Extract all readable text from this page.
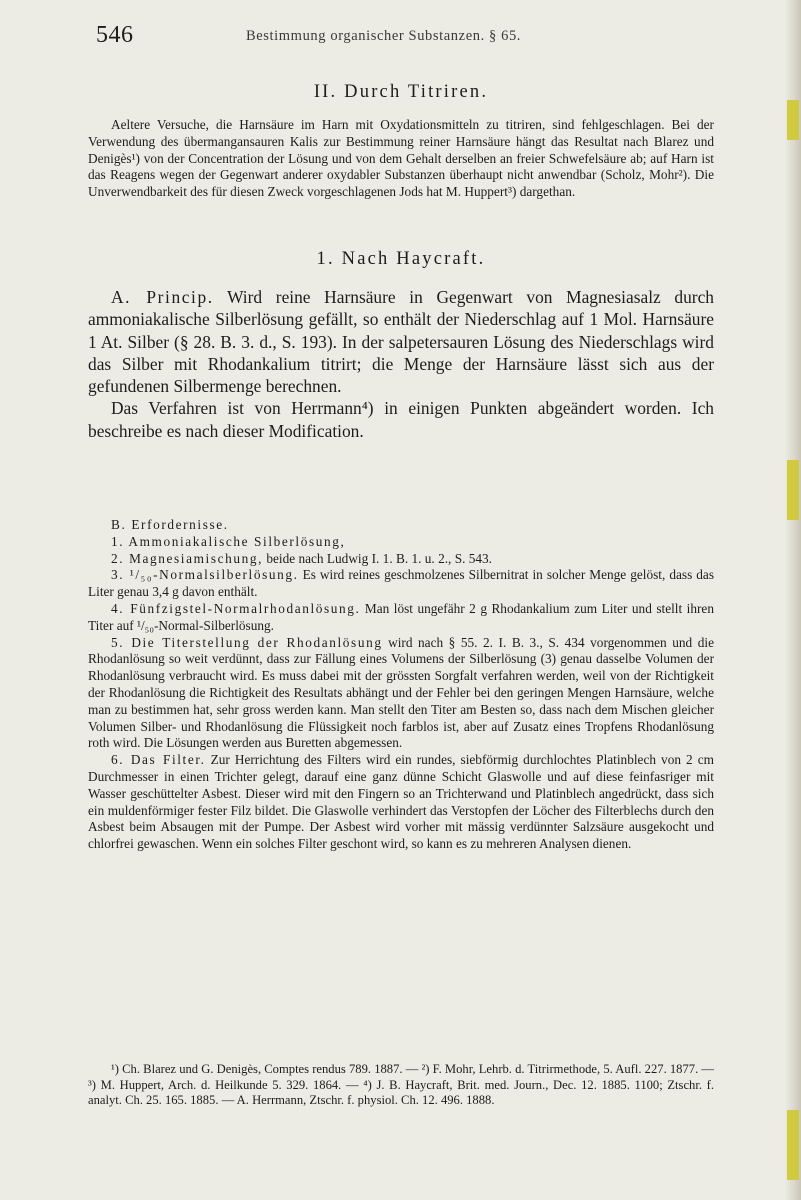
546	Bestimmung organischer Substanzen. § 65.
II. Durch Titriren.

Aeltere Versuche, die Harnsäure im Harn mit Oxydationsmitteln zu titriren, sind fehlgeschlagen. Bei der Verwendung des übermangansauren Kalis zur Bestimmung reiner Harnsäure hängt das Resultat nach Blarez und Denigès¹) von der Concentration der Lösung und von dem Gehalt derselben an freier Schwefelsäure ab; auf Harn ist das Reagens wegen der Gegenwart anderer oxydabler Substanzen überhaupt nicht anwendbar (Scholz, Mohr²). Die Unverwendbarkeit des für diesen Zweck vorgeschlagenen Jods hat M. Huppert³) dargethan.

1. Nach Haycraft.

A. Princip. Wird reine Harnsäure in Gegenwart von Magnesiasalz durch ammoniakalische Silberlösung gefällt, so enthält der Niederschlag auf 1 Mol. Harnsäure 1 At. Silber (§ 28. B. 3. d., S. 193). In der salpetersauren Lösung des Niederschlags wird das Silber mit Rhodankalium titrirt; die Menge der Harnsäure lässt sich aus der gefundenen Silbermenge berechnen.

Das Verfahren ist von Herrmann⁴) in einigen Punkten abgeändert worden. Ich beschreibe es nach dieser Modification.

B. Erfordernisse.

1. Ammoniakalische Silberlösung,

2. Magnesiamischung, beide nach Ludwig I. 1. B. 1. u. 2., S. 543.

3. ¹/₅₀-Normalsilberlösung. Es wird reines geschmolzenes Silbernitrat in solcher Menge gelöst, dass das Liter genau 3,4 g davon enthält.

4. Fünfzigstel-Normalrhodanlösung. Man löst ungefähr 2 g Rhodankalium zum Liter und stellt ihren Titer auf ¹/₅₀-Normal-Silberlösung.

5. Die Titerstellung der Rhodanlösung wird nach § 55. 2. I. B. 3., S. 434 vorgenommen und die Rhodanlösung so weit verdünnt, dass zur Fällung eines Volumens der Silberlösung (3) genau dasselbe Volumen der Rhodanlösung verbraucht wird. Es muss dabei mit der grössten Sorgfalt verfahren werden, weil von der Richtigkeit der Rhodanlösung die Richtigkeit des Resultats abhängt und der Fehler bei den geringen Mengen Harnsäure, welche man zu bestimmen hat, sehr gross werden kann. Man stellt den Titer am Besten so, dass nach dem Mischen gleicher Volumen Silber- und Rhodanlösung die Flüssigkeit noch farblos ist, aber auf Zusatz eines Tropfens Rhodanlösung roth wird. Die Lösungen werden aus Buretten abgemessen.

6. Das Filter. Zur Herrichtung des Filters wird ein rundes, siebförmig durchlochtes Platinblech von 2 cm Durchmesser in einen Trichter gelegt, darauf eine ganz dünne Schicht Glaswolle und auf diese feinfasriger mit Wasser geschüttelter Asbest. Dieser wird mit den Fingern so an Trichterwand und Platinblech angedrückt, dass sich ein muldenförmiger fester Filz bildet. Die Glaswolle verhindert das Verstopfen der Löcher des Filterblechs durch den Asbest beim Absaugen mit der Pumpe. Der Asbest wird vorher mit mässig verdünnter Salzsäure ausgekocht und chlorfrei gewaschen. Wenn ein solches Filter geschont wird, so kann es zu mehreren Analysen dienen.

¹) Ch. Blarez und G. Denigès, Comptes rendus 789. 1887. — ²) F. Mohr, Lehrb. d. Titrirmethode, 5. Aufl. 227. 1877. — ³) M. Huppert, Arch. d. Heilkunde 5. 329. 1864. — ⁴) J. B. Haycraft, Brit. med. Journ., Dec. 12. 1885. 1100; Ztschr. f. analyt. Ch. 25. 165. 1885. — A. Herrmann, Ztschr. f. physiol. Ch. 12. 496. 1888.
